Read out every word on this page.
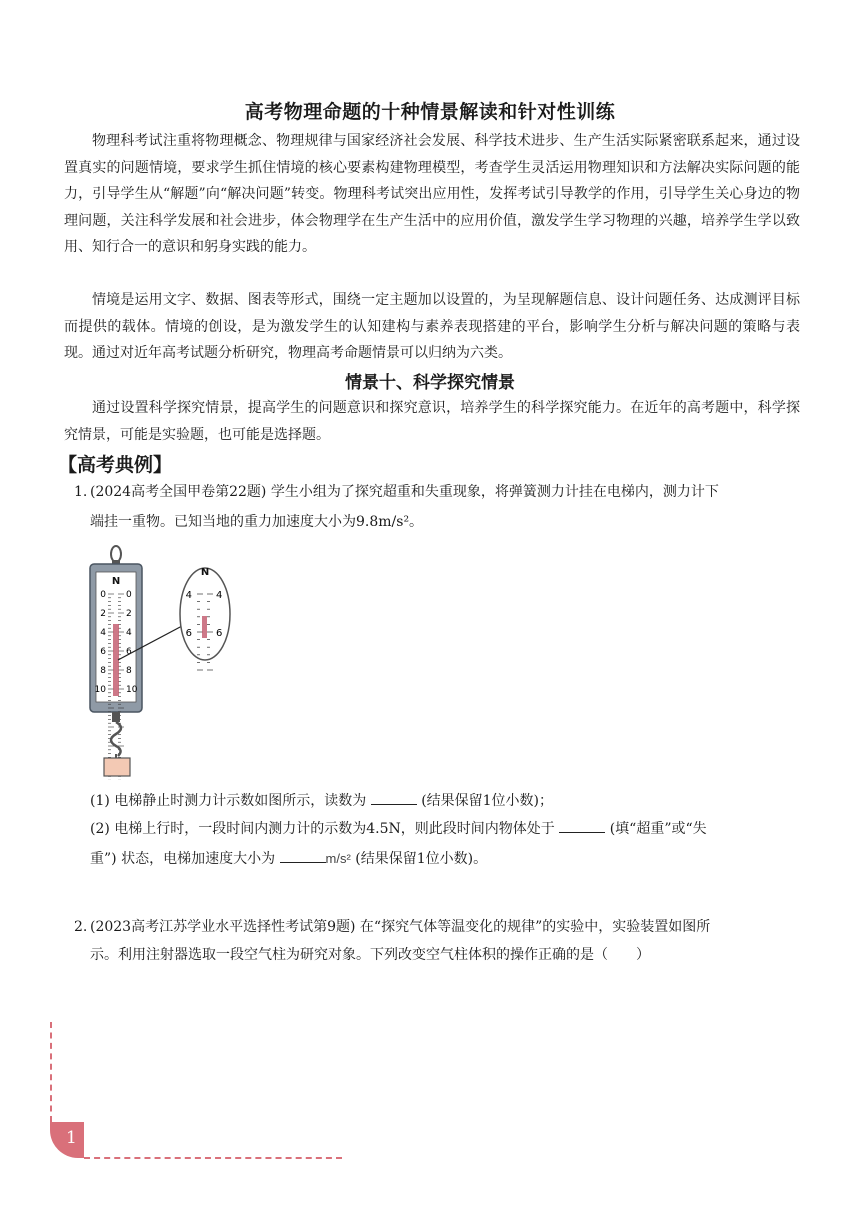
高考物理命题的十种情景解读和针对性训练

物理科考试注重将物理概念、物理规律与国家经济社会发展、科学技术进步、生产生活实际紧密联系起来，通过设置真实的问题情境，要求学生抓住情境的核心要素构建物理模型，考查学生灵活运用物理知识和方法解决实际问题的能力，引导学生从“解题”向“解决问题”转变。物理科考试突出应用性，发挥考试引导教学的作用，引导学生关心身边的物理问题，关注科学发展和社会进步，体会物理学在生产生活中的应用价值，激发学生学习物理的兴趣，培养学生学以致用、知行合一的意识和躬身实践的能力。

情境是运用文字、数据、图表等形式，围绕一定主题加以设置的，为呈现解题信息、设计问题任务、达成测评目标而提供的载体。情境的创设，是为激发学生的认知建构与素养表现搭建的平台，影响学生分析与解决问题的策略与表现。通过对近年高考试题分析研究，物理高考命题情景可以归纳为六类。

情景十、科学探究情景

通过设置科学探究情景，提高学生的问题意识和探究意识，培养学生的科学探究能力。在近年的高考题中，科学探究情景，可能是实验题，也可能是选择题。

【高考典例】
1. (2024高考全国甲卷第22题) 学生小组为了探究超重和失重现象，将弹簧测力计挂在电梯内，测力计下
端挂一重物。已知当地的重力加速度大小为9.8m/s²。
N
0
2
4
6
8
10
0
2
4
6
8
10
N
4
6
4
6
(1) 电梯静止时测力计示数如图所示，读数为	(结果保留1位小数)；
(2) 电梯上行时，一段时间内测力计的示数为4.5N，则此段时间内物体处于	(填“超重”或“失
重”) 状态，电梯加速度大小为	m/s² (结果保留1位小数)。
2. (2023高考江苏学业水平选择性考试第9题) 在“探究气体等温变化的规律”的实验中，实验装置如图所
示。利用注射器选取一段空气柱为研究对象。下列改变空气柱体积的操作正确的是（　　）
1
